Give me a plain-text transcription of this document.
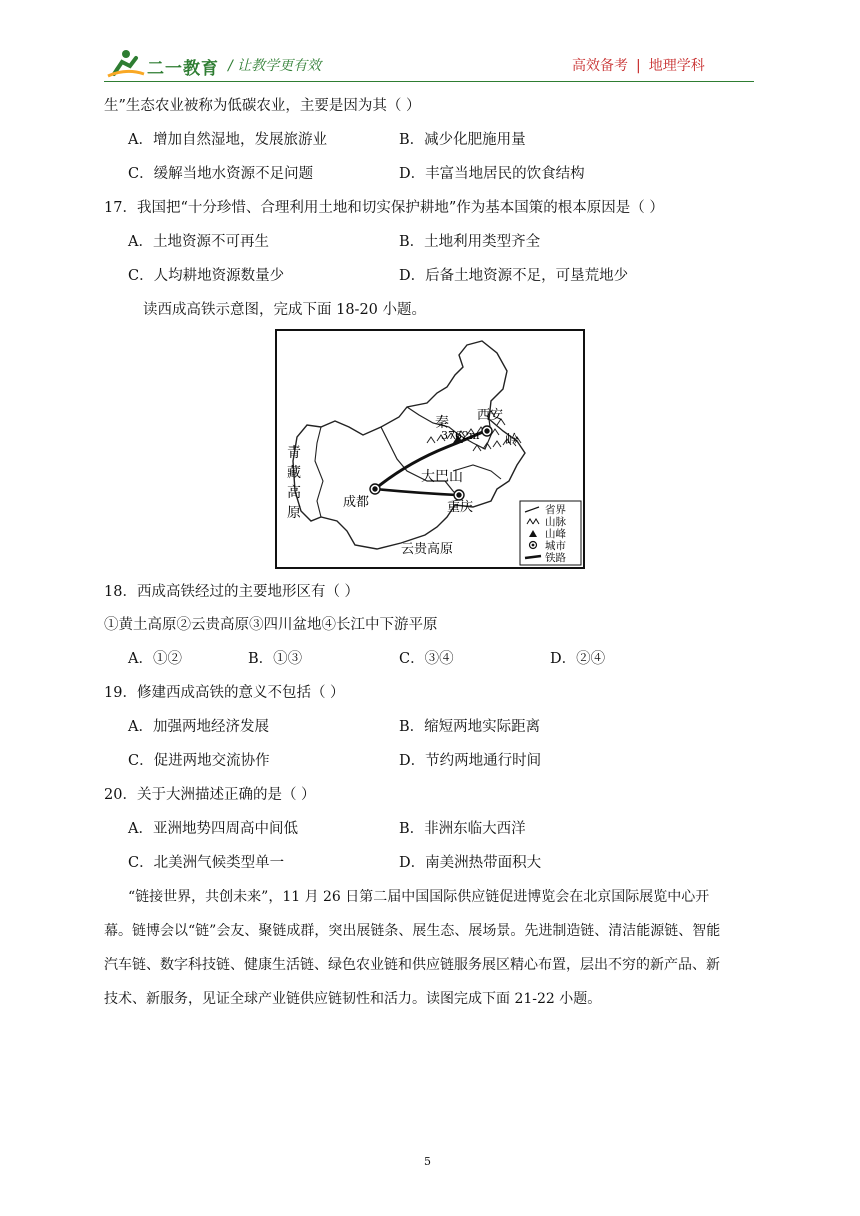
二一教育 / 让教学更有效	高效备考 | 地理学科
生”生态农业被称为低碳农业，主要是因为其（ ）
A．增加自然湿地，发展旅游业	B．减少化肥施用量
C．缓解当地水资源不足问题	D．丰富当地居民的饮食结构
17．我国把“十分珍惜、合理利用土地和切实保护耕地”作为基本国策的根本原因是（ ）
A．土地资源不可再生	B．土地利用类型齐全
C．人均耕地资源数量少	D．后备土地资源不足，可垦荒地少
读西成高铁示意图，完成下面 18-20 小题。
西安
秦
3762m 岭
大巴山
成都	重庆
青
藏
高
原
云贵高原
省界
山脉
山峰
城市
铁路
18．西成高铁经过的主要地形区有（ ）
①黄土高原②云贵高原③四川盆地④长江中下游平原
A．①②	B．①③	C．③④	D．②④
19．修建西成高铁的意义不包括（ ）
A．加强两地经济发展	B．缩短两地实际距离
C．促进两地交流协作	D．节约两地通行时间
20．关于大洲描述正确的是（ ）
A．亚洲地势四周高中间低	B．非洲东临大西洋
C．北美洲气候类型单一	D．南美洲热带面积大
“链接世界，共创未来”，11 月 26 日第二届中国国际供应链促进博览会在北京国际展览中心开
幕。链博会以“链”会友、聚链成群，突出展链条、展生态、展场景。先进制造链、清洁能源链、智能
汽车链、数字科技链、健康生活链、绿色农业链和供应链服务展区精心布置，层出不穷的新产品、新
技术、新服务，见证全球产业链供应链韧性和活力。读图完成下面 21-22 小题。
5
